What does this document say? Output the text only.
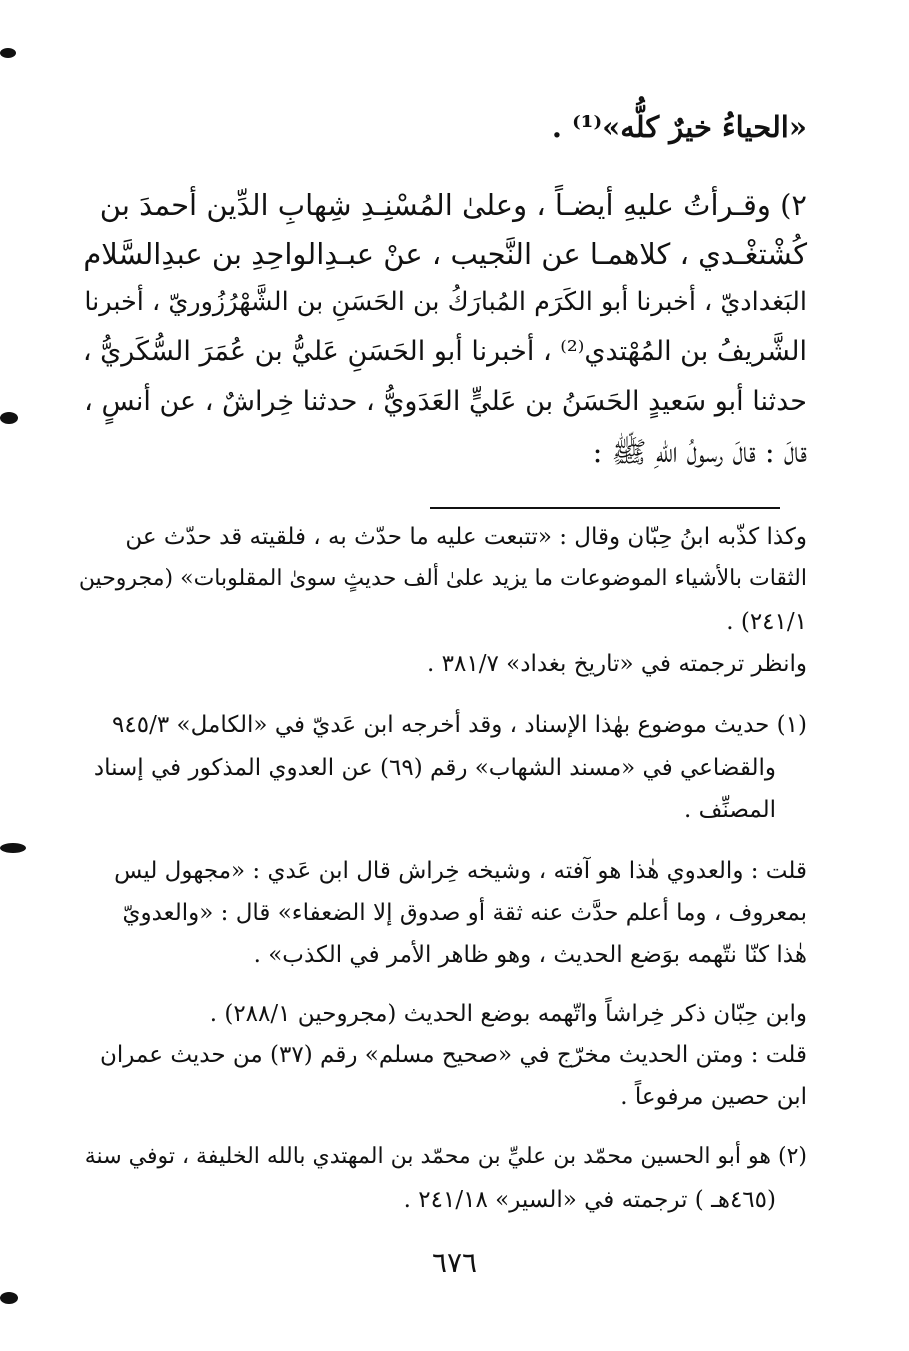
«الحياءُ خيرٌ كلُّه»⁽¹⁾ .
٢) وقـرأتُ عليهِ أيضـاً ، وعلىٰ المُسْنِـدِ شِهابِ الدِّين أحمدَ بن
كُشْتغْـدي ، كلاهمـا عن النَّجيب ، عنْ عبـدِالواحِدِ بن عبدِالسَّلام
البَغداديّ ، أخبرنا أبو الكَرَم المُبارَكُ بن الحَسَنِ بن الشَّهْرُزُوريّ ، أخبرنا
الشَّريفُ بن المُهْتدي⁽²⁾ ، أخبرنا أبو الحَسَنِ عَليُّ بن عُمَرَ السُّكَريُّ ،
حدثنا أبو سَعيدٍ الحَسَنُ بن عَليٍّ العَدَويُّ ، حدثنا خِراشٌ ، عن أنسٍ ،
قالَ : قالَ رسولُ اللهِ ﷺ :
وكذا كذّبه ابنُ حِبّان وقال : «تتبعت عليه ما حدّث به ، فلقيته قد حدّث عن
الثقات بالأشياء الموضوعات ما يزيد علىٰ ألف حديثٍ سوىٰ المقلوبات» (مجروحين
٢٤١/١) .
وانظر ترجمته في «تاريخ بغداد» ٣٨١/٧ .
(١) حديث موضوع بهٰذا الإسناد ، وقد أخرجه ابن عَديّ في «الكامل» ٩٤٥/٣
والقضاعي في «مسند الشهاب» رقم (٦٩) عن العدوي المذكور في إسناد
المصنِّف .
قلت : والعدوي هٰذا هو آفته ، وشيخه خِراش قال ابن عَدي : «مجهول ليس
بمعروف ، وما أعلم حدَّث عنه ثقة أو صدوق إلا الضعفاء» قال : «والعدويّ
هٰذا كنّا نتّهمه بوَضع الحديث ، وهو ظاهر الأمر في الكذب» .
وابن حِبّان ذكر خِراشاً واتّهمه بوضع الحديث (مجروحين ٢٨٨/١) .
قلت : ومتن الحديث مخرّج في «صحيح مسلم» رقم (٣٧) من حديث عمران
ابن حصين مرفوعاً .
(٢) هو أبو الحسين محمّد بن عليِّ بن محمّد بن المهتدي بالله الخليفة ، توفي سنة
(٤٦٥هـ ) ترجمته في «السير» ٢٤١/١٨ .
٦٧٦
